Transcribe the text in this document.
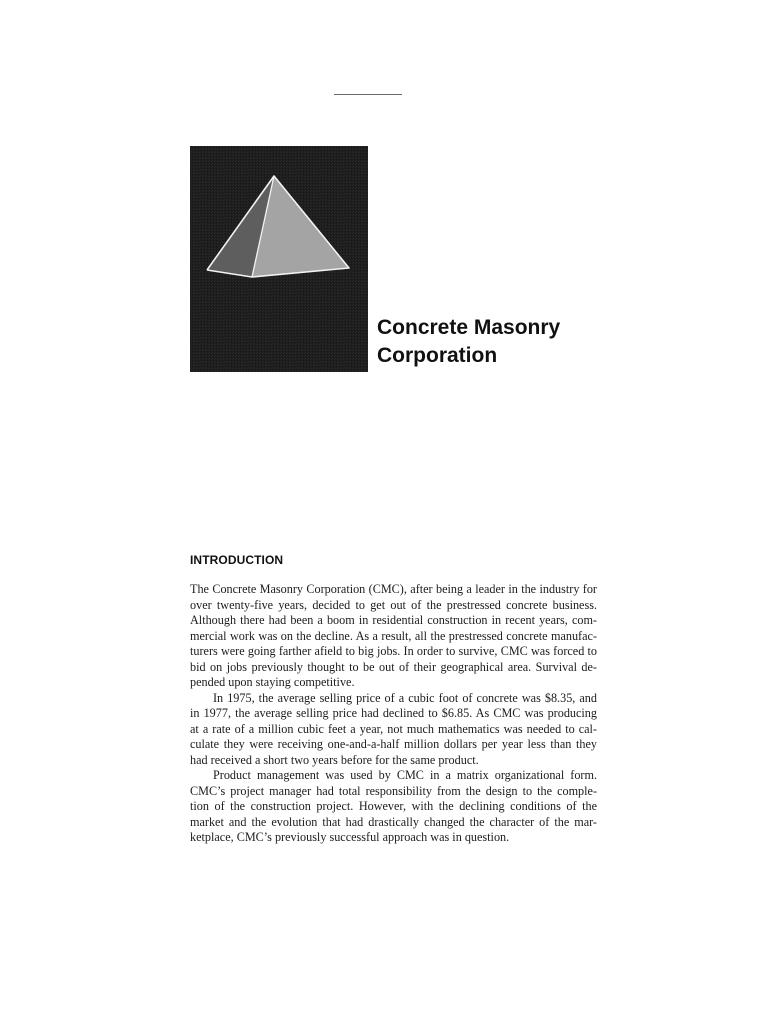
Concrete Masonry
Corporation
INTRODUCTION

The Concrete Masonry Corporation (CMC), after being a leader in the industry for
over twenty-five years, decided to get out of the prestressed concrete business.
Although there had been a boom in residential construction in recent years, com-
mercial work was on the decline. As a result, all the prestressed concrete manufac-
turers were going farther afield to big jobs. In order to survive, CMC was forced to
bid on jobs previously thought to be out of their geographical area. Survival de-
pended upon staying competitive.

In 1975, the average selling price of a cubic foot of concrete was $8.35, and
in 1977, the average selling price had declined to $6.85. As CMC was producing
at a rate of a million cubic feet a year, not much mathematics was needed to cal-
culate they were receiving one-and-a-half million dollars per year less than they
had received a short two years before for the same product.

Product management was used by CMC in a matrix organizational form.
CMC’s project manager had total responsibility from the design to the comple-
tion of the construction project. However, with the declining conditions of the
market and the evolution that had drastically changed the character of the mar-
ketplace, CMC’s previously successful approach was in question.
